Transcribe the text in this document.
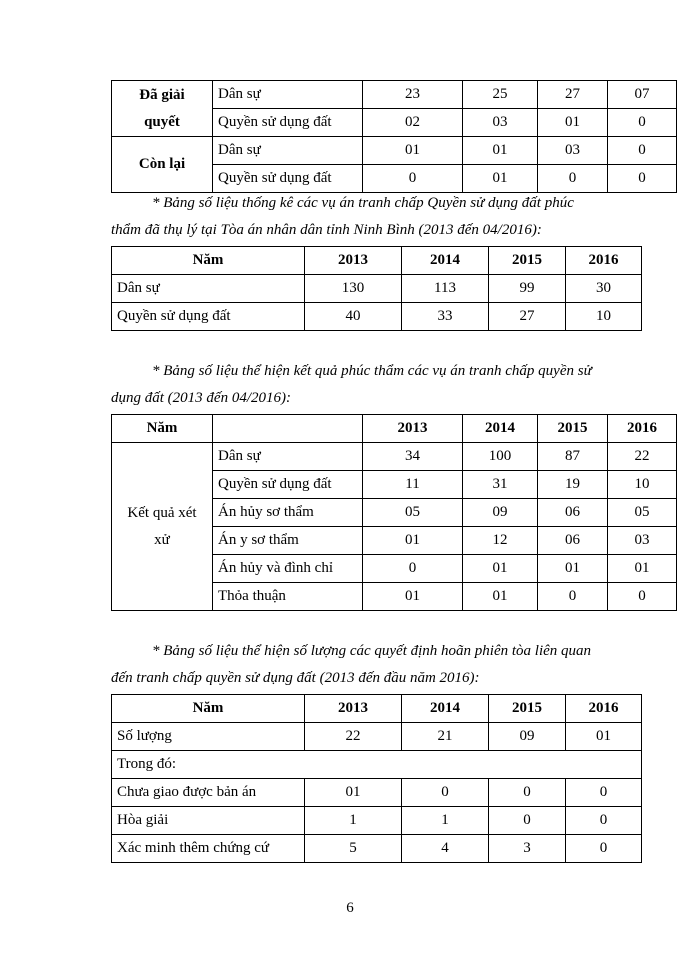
Đã giải
quyết	Dân sự	23	25	27	07
	Quyền sử dụng đất	02	03	01	0
Còn lại	Dân sự	01	01	03	0
	Quyền sử dụng đất	0	01	0	0
* Bảng số liệu thống kê các vụ án tranh chấp Quyền sử dụng đất phúc
thẩm đã thụ lý tại Tòa án nhân dân tỉnh Ninh Bình (2013 đến 04/2016):
Năm	2013	2014	2015	2016
Dân sự	130	113	99	30
Quyền sử dụng đất	40	33	27	10
* Bảng số liệu thể hiện kết quả phúc thẩm các vụ án tranh chấp quyền sử
dụng đất (2013 đến 04/2016):
Năm		2013	2014	2015	2016

Kết quả xét
xử	Dân sự	34	100	87	22
	Quyền sử dụng đất	11	31	19	10
	Án hủy sơ thẩm	05	09	06	05
	Án y sơ thẩm	01	12	06	03
	Án hủy và đình chỉ	0	01	01	01
	Thỏa thuận	01	01	0	0
* Bảng số liệu thể hiện số lượng các quyết định hoãn phiên tòa liên quan
đến tranh chấp quyền sử dụng đất (2013 đến đầu năm 2016):
Năm	2013	2014	2015	2016
Số lượng	22	21	09	01
Trong đó:				
Chưa giao được bản án	01	0	0	0
Hòa giải	1	1	0	0
Xác minh thêm chứng cứ	5	4	3	0
6
